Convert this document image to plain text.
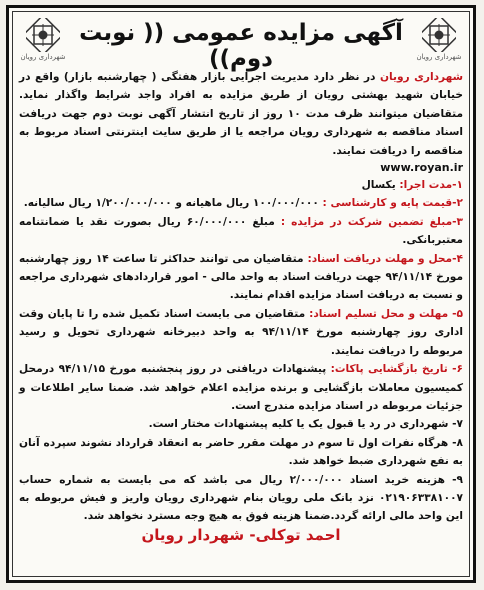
شهرداری رویان
آگهی مزایده عمومی (( نوبت دوم))	شهرداری رویان

شهرداری رویان در نظر دارد مدیریت اجرایی بازار هفتگی ( چهارشنبه بازار) واقع در خیابان شهید بهشتی رویان از طریق مزایده به افراد واجد شرایط واگذار نماید. متقاضیان میتوانند ظرف مدت ۱۰ روز از تاریخ انتشار آگهی نوبت دوم جهت دریافت اسناد مناقصه به شهرداری رویان مراجعه یا از طریق سایت اینترنتی اسناد مربوط به مناقصه را دریافت نمایند.

www.royan.ir

۱-مدت اجرا: یکسال

۲-قیمت پایه و کارشناسی : ۱۰۰/۰۰۰/۰۰۰ ریال ماهیانه و ۱/۲۰۰/۰۰۰/۰۰۰ ریال سالیانه.

۳-مبلغ تضمین شرکت در مزایده : مبلغ ۶۰/۰۰۰/۰۰۰ ریال بصورت نقد یا ضمانتنامه معتبربانکی.

۴-محل و مهلت دریافت اسناد: متقاضیان می توانند حداکثر تا ساعت ۱۴ روز چهارشنبه مورخ ۹۴/۱۱/۱۴ جهت دریافت اسناد به واحد مالی - امور قراردادهای شهرداری مراجعه و نسبت به دریافت اسناد مزایده اقدام نمایند.

۵- مهلت و محل تسلیم اسناد: متقاضیان می بایست اسناد تکمیل شده را تا پایان وقت اداری روز چهارشنبه مورخ ۹۴/۱۱/۱۴ به واحد دبیرخانه شهرداری تحویل و رسید مربوطه را دریافت نمایند.

۶- تاریخ بازگشایی پاکات: پیشنهادات دریافتی در روز پنجشنبه مورخ ۹۴/۱۱/۱۵ درمحل کمیسیون معاملات بازگشایی و برنده مزایده اعلام خواهد شد. ضمنا سایر اطلاعات و جزئیات مربوطه در اسناد مزایده مندرج است.

۷- شهرداری در رد یا قبول یک یا کلیه پیشنهادات مختار است.

۸- هرگاه نفرات اول تا سوم در مهلت مقرر حاضر به انعقاد قرارداد نشوند سپرده آنان به نفع شهرداری ضبط خواهد شد.

۹- هزینه خرید اسناد ۲/۰۰۰/۰۰۰ ریال می باشد که می بایست به شماره حساب ۰۲۱۹۰۶۳۳۸۱۰۰۷ نزد بانک ملی رویان بنام شهرداری رویان واریز و فیش مربوطه به این واحد مالی ارائه گردد.ضمنا هزینه فوق به هیچ وجه مسترد نخواهد شد.

احمد توکلی- شهردار رویان
